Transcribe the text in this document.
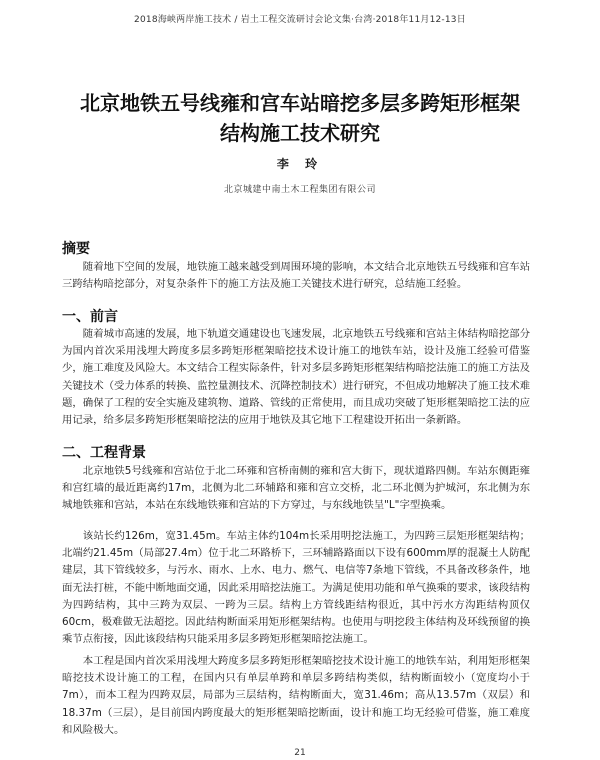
2018海峡两岸施工技术 / 岩土工程交流研讨会论文集·台湾·2018年11月12-13日
北京地铁五号线雍和宫车站暗挖多层多跨矩形框架
结构施工技术研究
李 玲
北京城建中南土木工程集团有限公司
摘要

随着地下空间的发展，地铁施工越来越受到周围环境的影响，本文结合北京地铁五号线雍和宫车站三跨结构暗挖部分，对复杂条件下的施工方法及施工关键技术进行研究，总结施工经验。

一、前言

随着城市高速的发展，地下轨道交通建设也飞速发展，北京地铁五号线雍和宫站主体结构暗挖部分为国内首次采用浅埋大跨度多层多跨矩形框架暗挖技术设计施工的地铁车站，设计及施工经验可借鉴少，施工难度及风险大。本文结合工程实际条件，针对多层多跨矩形框架结构暗挖法施工的施工方法及关键技术（受力体系的转换、监控量测技术、沉降控制技术）进行研究，不但成功地解决了施工技术难题，确保了工程的安全实施及建筑物、道路、管线的正常使用，而且成功突破了矩形框架暗挖工法的应用记录，给多层多跨矩形框架暗挖法的应用于地铁及其它地下工程建设开拓出一条新路。

二、工程背景

北京地铁5号线雍和宫站位于北二环雍和宫桥南侧的雍和宫大街下，现状道路四侧。车站东侧距雍和宫红墙的最近距离约17m，北侧为北二环辅路和雍和宫立交桥，北二环北侧为护城河，东北侧为东城地铁雍和宫站，本站在东线地铁雍和宫站的下方穿过，与东线地铁呈"L"字型换乘。

该站长约126m，宽31.45m。车站主体约104m长采用明挖法施工，为四跨三层矩形框架结构；北端约21.45m（局部27.4m）位于北二环路桥下，三环辅路路面以下设有600mm厚的混凝土人防配建层，其下管线较多，与污水、雨水、上水、电力、燃气、电信等7条地下管线，不具备改移条件，地面无法打桩，不能中断地面交通，因此采用暗挖法施工。为满足使用功能和单气换乘的要求，该段结构为四跨结构，其中三跨为双层、一跨为三层。结构上方管线距结构很近，其中污水方沟距结构顶仅60cm，极难做无法超挖。因此结构断面采用矩形框架结构。也使用与明挖段主体结构及环线预留的换乘节点衔接，因此该段结构只能采用多层多跨矩形框架暗挖法施工。

本工程是国内首次采用浅埋大跨度多层多跨矩形框架暗挖技术设计施工的地铁车站，利用矩形框架暗挖技术设计施工的工程，在国内只有单层单跨和单层多跨结构类似，结构断面较小（宽度均小于7m），而本工程为四跨双层，局部为三层结构，结构断面大，宽31.46m；高从13.57m（双层）和18.37m（三层），是目前国内跨度最大的矩形框架暗挖断面，设计和施工均无经验可借鉴，施工难度和风险极大。

21
